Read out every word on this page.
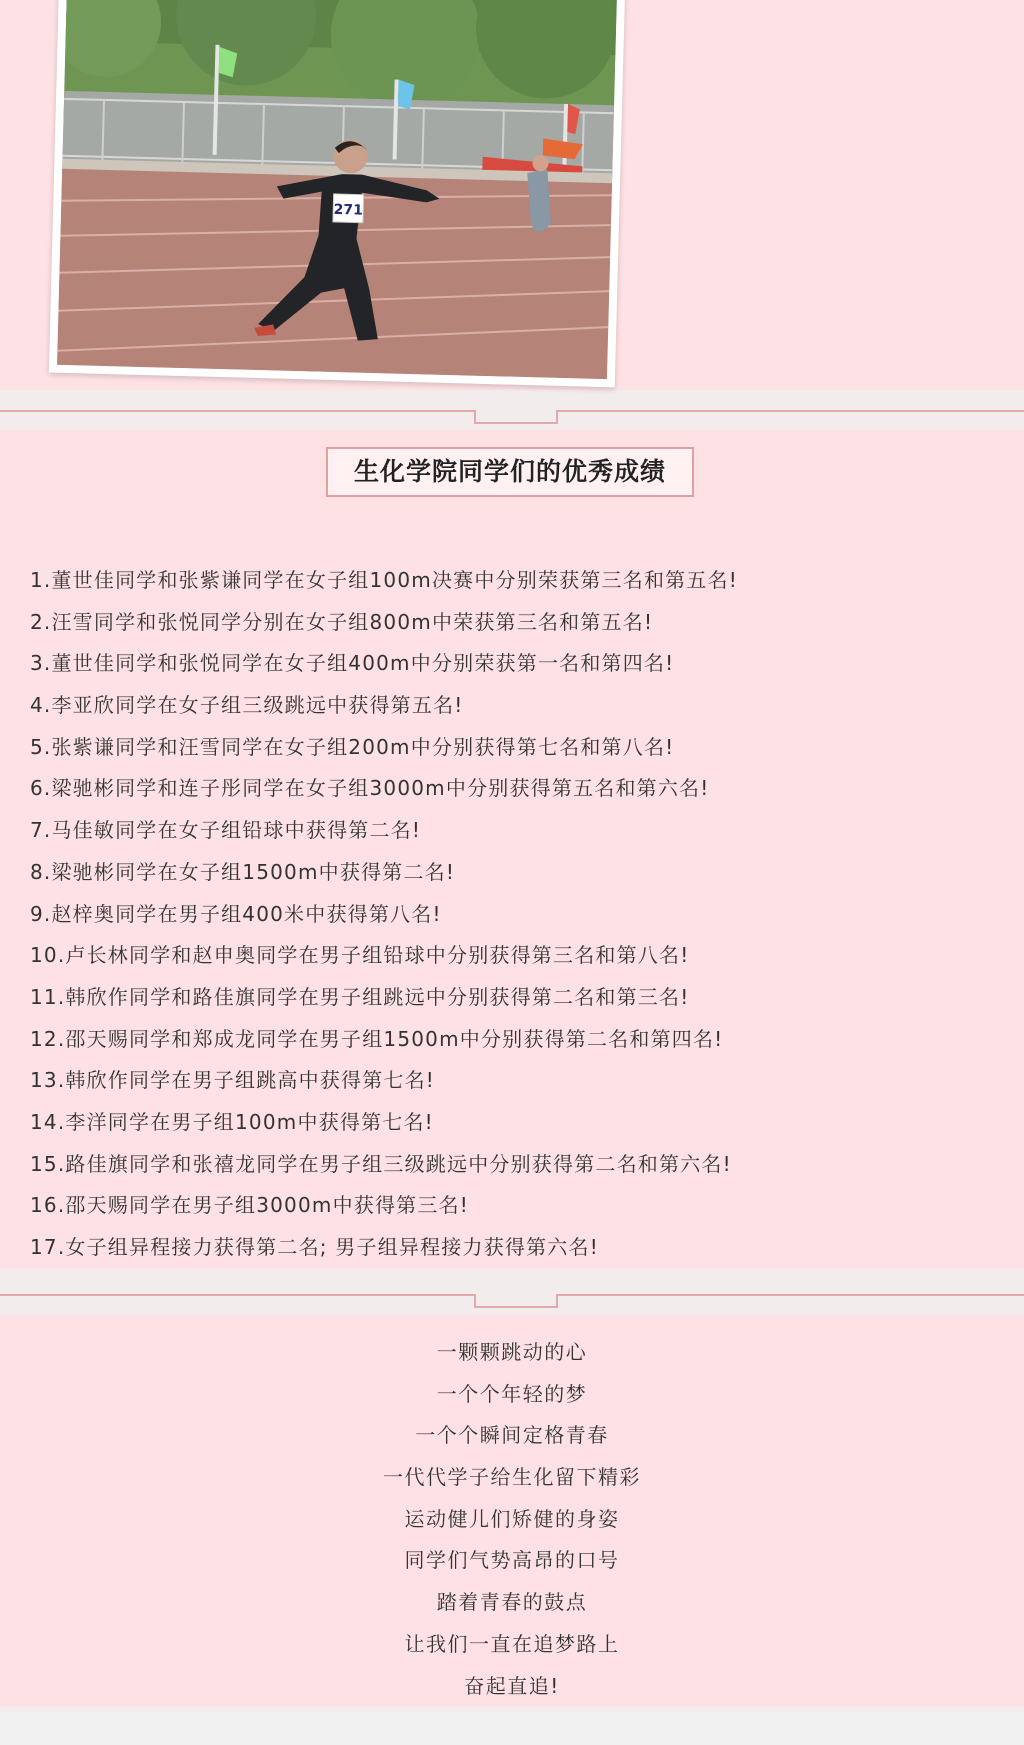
271
生化学院同学们的优秀成绩
1.董世佳同学和张紫谦同学在女子组100m决赛中分别荣获第三名和第五名!
2.汪雪同学和张悦同学分别在女子组800m中荣获第三名和第五名!
3.董世佳同学和张悦同学在女子组400m中分别荣获第一名和第四名!
4.李亚欣同学在女子组三级跳远中获得第五名!
5.张紫谦同学和汪雪同学在女子组200m中分别获得第七名和第八名!
6.梁驰彬同学和连子彤同学在女子组3000m中分别获得第五名和第六名!
7.马佳敏同学在女子组铅球中获得第二名!
8.梁驰彬同学在女子组1500m中获得第二名!
9.赵梓奥同学在男子组400米中获得第八名!
10.卢长林同学和赵申奥同学在男子组铅球中分别获得第三名和第八名!
11.韩欣作同学和路佳旗同学在男子组跳远中分别获得第二名和第三名!
12.邵天赐同学和郑成龙同学在男子组1500m中分别获得第二名和第四名!
13.韩欣作同学在男子组跳高中获得第七名!
14.李洋同学在男子组100m中获得第七名!
15.路佳旗同学和张禧龙同学在男子组三级跳远中分别获得第二名和第六名!
16.邵天赐同学在男子组3000m中获得第三名!
17.女子组异程接力获得第二名; 男子组异程接力获得第六名!
一颗颗跳动的心
一个个年轻的梦
一个个瞬间定格青春
一代代学子给生化留下精彩
运动健儿们矫健的身姿
同学们气势高昂的口号
踏着青春的鼓点
让我们一直在追梦路上
奋起直追!
